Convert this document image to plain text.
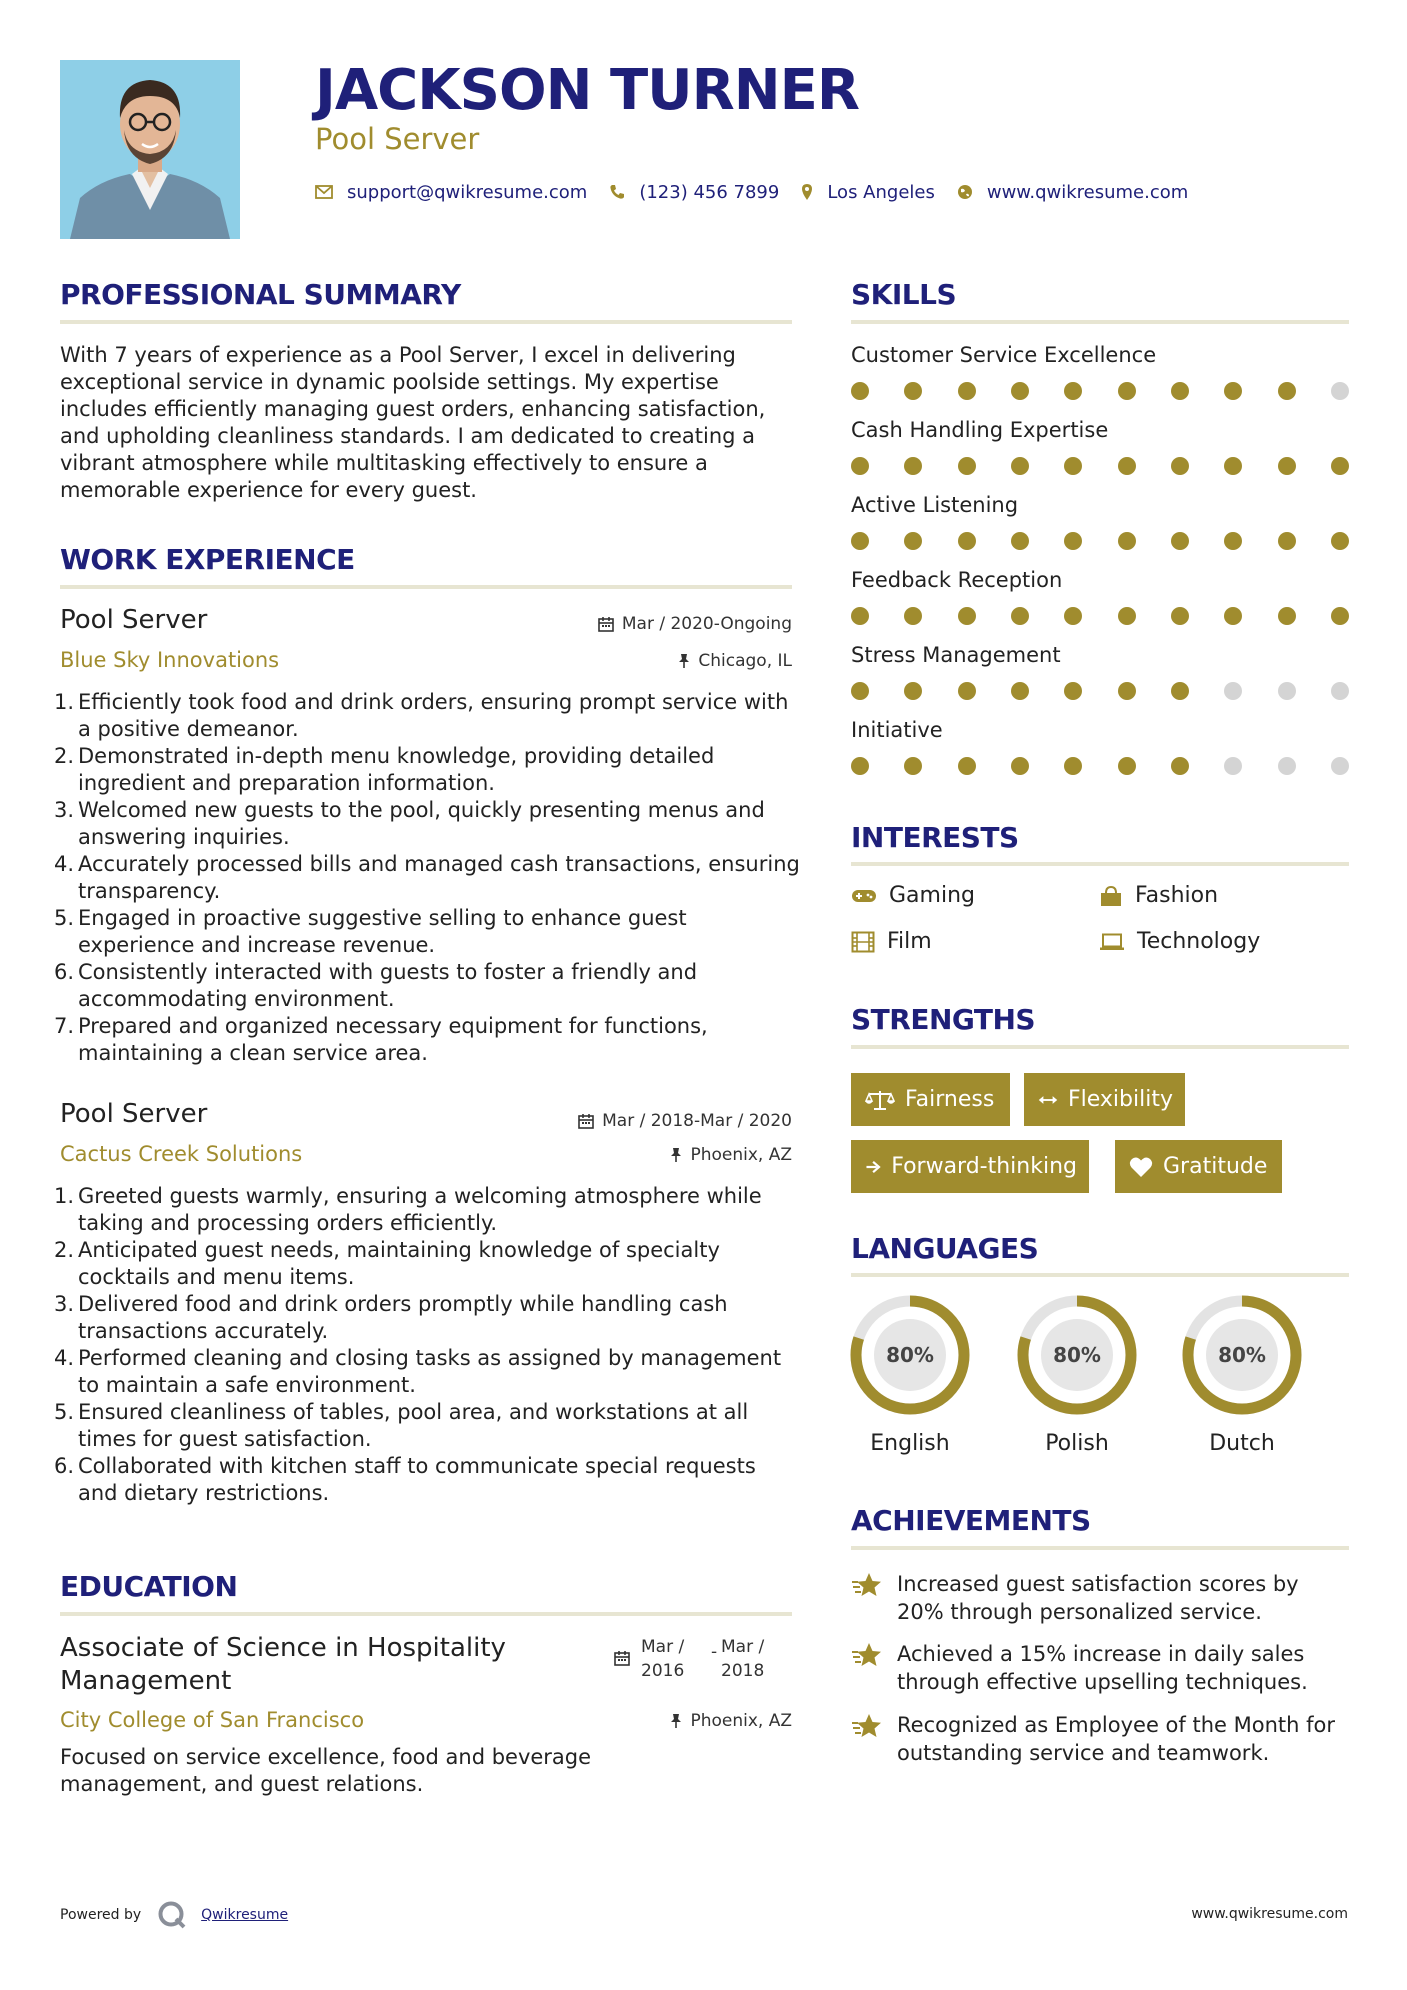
JACKSON TURNER
Pool Server
support@qwikresume.com	(123) 456 7899	Los Angeles	www.qwikresume.com
PROFESSIONAL SUMMARY
With 7 years of experience as a Pool Server, I excel in delivering exceptional service in dynamic poolside settings. My expertise includes efficiently managing guest orders, enhancing satisfaction, and upholding cleanliness standards. I am dedicated to creating a vibrant atmosphere while multitasking effectively to ensure a memorable experience for every guest.
WORK EXPERIENCE
Pool Server	Mar / 2020-Ongoing
Blue Sky Innovations	Chicago, IL
1. Efficiently took food and drink orders, ensuring prompt service with a positive demeanor.
2. Demonstrated in-depth menu knowledge, providing detailed ingredient and preparation information.
3. Welcomed new guests to the pool, quickly presenting menus and answering inquiries.
4. Accurately processed bills and managed cash transactions, ensuring transparency.
5. Engaged in proactive suggestive selling to enhance guest experience and increase revenue.
6. Consistently interacted with guests to foster a friendly and accommodating environment.
7. Prepared and organized necessary equipment for functions, maintaining a clean service area.
Pool Server	Mar / 2018-Mar / 2020
Cactus Creek Solutions	Phoenix, AZ
1. Greeted guests warmly, ensuring a welcoming atmosphere while taking and processing orders efficiently.
2. Anticipated guest needs, maintaining knowledge of specialty cocktails and menu items.
3. Delivered food and drink orders promptly while handling cash transactions accurately.
4. Performed cleaning and closing tasks as assigned by management to maintain a safe environment.
5. Ensured cleanliness of tables, pool area, and workstations at all times for guest satisfaction.
6. Collaborated with kitchen staff to communicate special requests and dietary restrictions.
EDUCATION
Associate of Science in Hospitality Management
Mar /
2016
- Mar /
2018
City College of San Francisco	Phoenix, AZ
Focused on service excellence, food and beverage management, and guest relations.
SKILLS
Customer Service Excellence
Cash Handling Expertise
Active Listening
Feedback Reception
Stress Management
Initiative
INTERESTS
Gaming	Fashion
Film	Technology
STRENGTHS
Fairness	Flexibility
Forward-thinking	Gratitude
LANGUAGES
80%
English
80%
Polish
80%
Dutch
ACHIEVEMENTS
Increased guest satisfaction scores by 20% through personalized service.
Achieved a 15% increase in daily sales through effective upselling techniques.
Recognized as Employee of the Month for outstanding service and teamwork.
Powered by	Qwikresume	www.qwikresume.com
